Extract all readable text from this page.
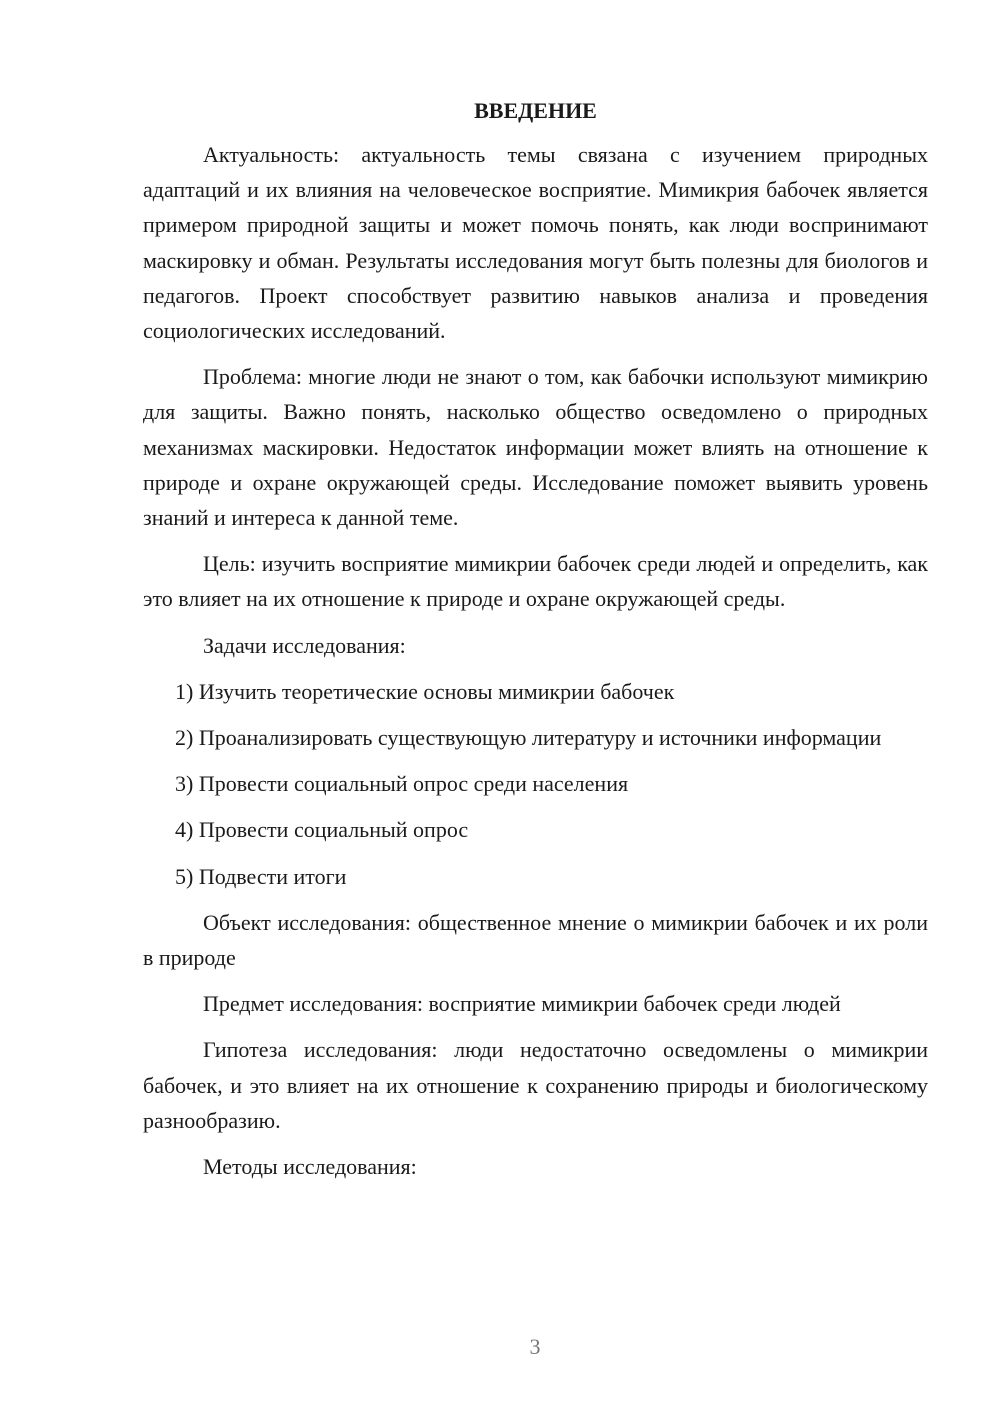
ВВЕДЕНИЕ

Актуальность: актуальность темы связана с изучением природных адаптаций и их влияния на человеческое восприятие. Мимикрия бабочек является примером природной защиты и может помочь понять, как люди воспринимают маскировку и обман. Результаты исследования могут быть полезны для биологов и педагогов. Проект способствует развитию навыков анализа и проведения социологических исследований.

Проблема: многие люди не знают о том, как бабочки используют мимикрию для защиты. Важно понять, насколько общество осведомлено о природных механизмах маскировки. Недостаток информации может влиять на отношение к природе и охране окружающей среды. Исследование поможет выявить уровень знаний и интереса к данной теме.

Цель: изучить восприятие мимикрии бабочек среди людей и определить, как это влияет на их отношение к природе и охране окружающей среды.

Задачи исследования:

1) Изучить теоретические основы мимикрии бабочек

2) Проанализировать существующую литературу и источники информации

3) Провести социальный опрос среди населения

4) Провести социальный опрос

5) Подвести итоги

Объект исследования: общественное мнение о мимикрии бабочек и их роли в природе

Предмет исследования: восприятие мимикрии бабочек среди людей

Гипотеза исследования: люди недостаточно осведомлены о мимикрии бабочек, и это влияет на их отношение к сохранению природы и биологическому разнообразию.

Методы исследования:

3
